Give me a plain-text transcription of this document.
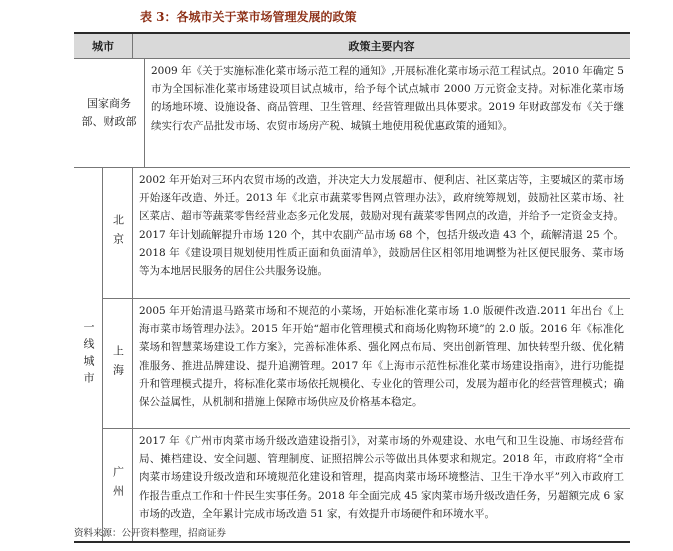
表 3：各城市关于菜市场管理发展的政策
城市	政策主要内容
国家商务部、财政部
2009 年《关于实施标准化菜市场示范工程的通知》,开展标准化菜市场示范工程试点。2010 年确定 5 市为全国标准化菜市场建设项目试点城市，给予每个试点城市 2000 万元资金支持。对标准化菜市场的场地环境、设施设备、商品管理、卫生管理、经营管理做出具体要求。2019 年财政部发布《关于继续实行农产品批发市场、农贸市场房产税、城镇土地使用税优惠政策的通知》。
一线城市
北京
2002 年开始对三环内农贸市场的改造，并决定大力发展超市、便利店、社区菜店等，主要城区的菜市场开始逐年改造、外迁。2013 年《北京市蔬菜零售网点管理办法》，政府统筹规划，鼓励社区菜市场、社区菜店、超市等蔬菜零售经营业态多元化发展，鼓励对现有蔬菜零售网点的改造，并给予一定资金支持。2017 年计划疏解提升市场 120 个，其中农副产品市场 68 个，包括升级改造 43 个，疏解清退 25 个。2018 年《建设项目规划使用性质正面和负面清单》，鼓励居住区相邻用地调整为社区便民服务、菜市场等为本地居民服务的居住公共服务设施。
上海
2005 年开始清退马路菜市场和不规范的小菜场，开始标准化菜市场 1.0 版硬件改造.2011 年出台《上海市菜市场管理办法》。2015 年开始“超市化管理模式和商场化购物环境”的 2.0 版。2016 年《标准化菜场和智慧菜场建设工作方案》，完善标准体系、强化网点布局、突出创新管理、加快转型升级、优化精准服务、推进品牌建设、提升追溯管理。2017 年《上海市示范性标准化菜市场建设指南》，进行功能提升和管理模式提升，将标准化菜市场依托规模化、专业化的管理公司，发展为超市化的经营管理模式；确保公益属性，从机制和措施上保障市场供应及价格基本稳定。
广州
2017 年《广州市肉菜市场升级改造建设指引》，对菜市场的外观建设、水电气和卫生设施、市场经营布局、摊档建设、安全问题、管理制度、证照招牌公示等做出具体要求和规定。2018 年，市政府将“全市肉菜市场建设升级改造和环境规范化建设和管理，提高肉菜市场环境整洁、卫生干净水平”列入市政府工作报告重点工作和十件民生实事任务。2018 年全面完成 45 家肉菜市场升级改造任务，另超额完成 6 家市场的改造，全年累计完成市场改造 51 家，有效提升市场硬件和环境水平。
资料来源：公开资料整理，招商证券
